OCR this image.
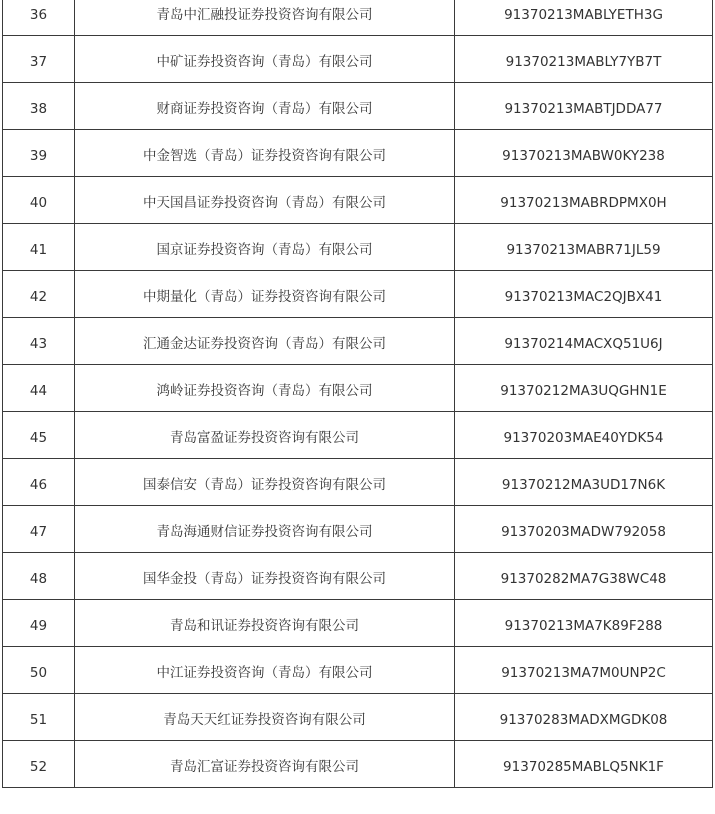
36	青岛中汇融投证券投资咨询有限公司	91370213MABLYETH3G

37	中矿证券投资咨询（青岛）有限公司	91370213MABLY7YB7T

38	财商证券投资咨询（青岛）有限公司	91370213MABTJDDA77

39	中金智选（青岛）证券投资咨询有限公司	91370213MABW0KY238

40	中天国昌证券投资咨询（青岛）有限公司	91370213MABRDPMX0H

41	国京证券投资咨询（青岛）有限公司	91370213MABR71JL59

42	中期量化（青岛）证券投资咨询有限公司	91370213MAC2QJBX41

43	汇通金达证券投资咨询（青岛）有限公司	91370214MACXQ51U6J

44	鸿岭证券投资咨询（青岛）有限公司	91370212MA3UQGHN1E

45	青岛富盈证券投资咨询有限公司	91370203MAE40YDK54

46	国泰信安（青岛）证券投资咨询有限公司	91370212MA3UD17N6K

47	青岛海通财信证券投资咨询有限公司	91370203MADW792058

48	国华金投（青岛）证券投资咨询有限公司	91370282MA7G38WC48

49	青岛和讯证券投资咨询有限公司	91370213MA7K89F288

50	中江证券投资咨询（青岛）有限公司	91370213MA7M0UNP2C

51	青岛天天红证券投资咨询有限公司	91370283MADXMGDK08

52	青岛汇富证券投资咨询有限公司	91370285MABLQ5NK1F
